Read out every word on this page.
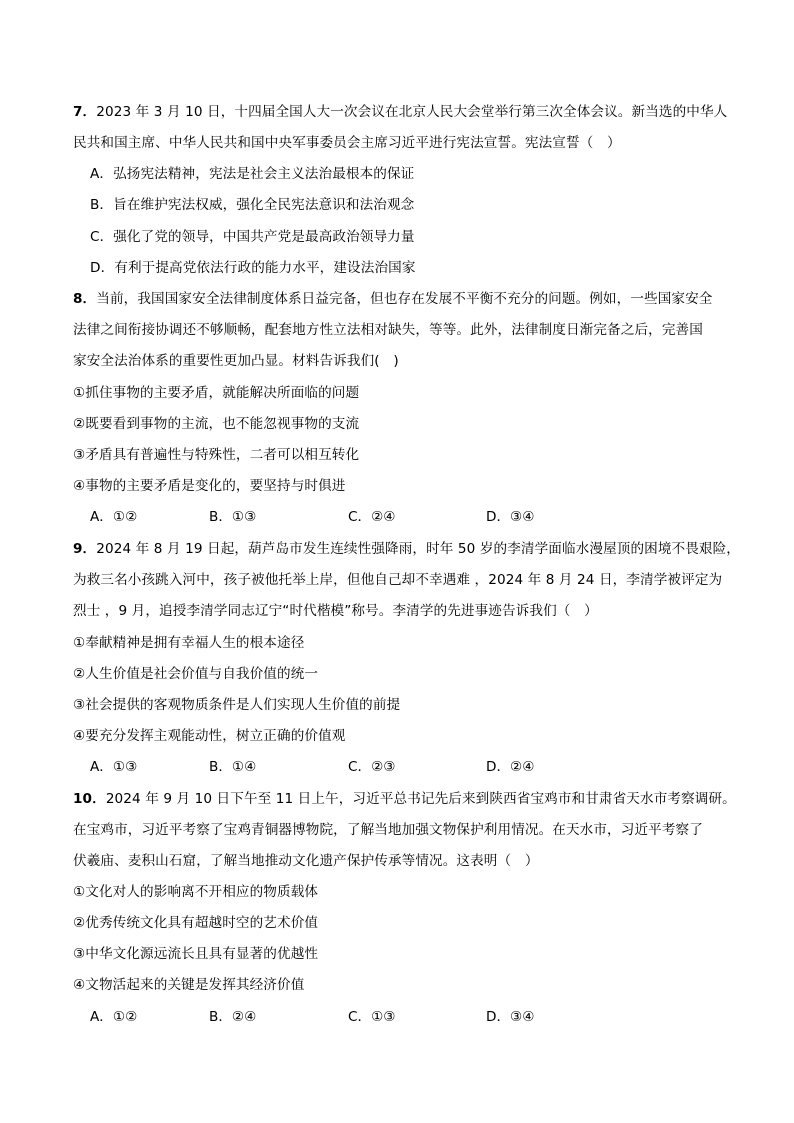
7．2023 年 3 月 10 日，十四届全国人大一次会议在北京人民大会堂举行第三次全体会议。新当选的中华人
民共和国主席、中华人民共和国中央军事委员会主席习近平进行宪法宣誓。宪法宣誓（　）
A．弘扬宪法精神，宪法是社会主义法治最根本的保证
B．旨在维护宪法权威，强化全民宪法意识和法治观念
C．强化了党的领导，中国共产党是最高政治领导力量
D．有利于提高党依法行政的能力水平，建设法治国家
8．当前，我国国家安全法律制度体系日益完备，但也存在发展不平衡不充分的问题。例如，一些国家安全
法律之间衔接协调还不够顺畅，配套地方性立法相对缺失，等等。此外，法律制度日渐完备之后，完善国
家安全法治体系的重要性更加凸显。材料告诉我们(　)
①抓住事物的主要矛盾，就能解决所面临的问题
②既要看到事物的主流，也不能忽视事物的支流
③矛盾具有普遍性与特殊性，二者可以相互转化
④事物的主要矛盾是变化的，要坚持与时俱进
A．①②	B．①③	C．②④	D．③④
9．2024 年 8 月 19 日起，葫芦岛市发生连续性强降雨，时年 50 岁的李清学面临水漫屋顶的困境不畏艰险，
为救三名小孩跳入河中，孩子被他托举上岸，但他自己却不幸遇难 ，2024 年 8 月 24 日，李清学被评定为
烈士 ，9 月，追授李清学同志辽宁“时代楷模”称号。李清学的先进事迹告诉我们（　）
①奉献精神是拥有幸福人生的根本途径
②人生价值是社会价值与自我价值的统一
③社会提供的客观物质条件是人们实现人生价值的前提
④要充分发挥主观能动性，树立正确的价值观
A．①③	B．①④	C．②③	D．②④
10．2024 年 9 月 10 日下午至 11 日上午，习近平总书记先后来到陕西省宝鸡市和甘肃省天水市考察调研。
在宝鸡市，习近平考察了宝鸡青铜器博物院，了解当地加强文物保护利用情况。在天水市，习近平考察了
伏羲庙、麦积山石窟，了解当地推动文化遗产保护传承等情况。这表明（　）
①文化对人的影响离不开相应的物质载体
②优秀传统文化具有超越时空的艺术价值
③中华文化源远流长且具有显著的优越性
④文物活起来的关键是发挥其经济价值
A．①②	B．②④	C．①③	D．③④
